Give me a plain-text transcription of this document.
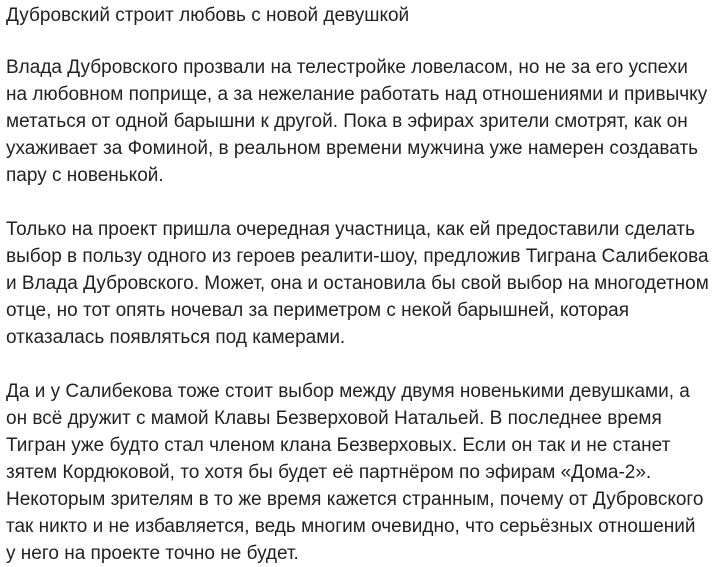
Дубровский строит любовь с новой девушкой

Влада Дубровского прозвали на телестройке ловеласом, но не за его успехи на любовном поприще, а за нежелание работать над отношениями и привычку метаться от одной барышни к другой. Пока в эфирах зрители смотрят, как он ухаживает за Фоминой, в реальном времени мужчина уже намерен создавать пару с новенькой.

Только на проект пришла очередная участница, как ей предоставили сделать выбор в пользу одного из героев реалити-шоу, предложив Тиграна Салибекова и Влада Дубровского. Может, она и остановила бы свой выбор на многодетном отце, но тот опять ночевал за периметром с некой барышней, которая отказалась появляться под камерами.

Да и у Салибекова тоже стоит выбор между двумя новенькими девушками, а он всё дружит с мамой Клавы Безверховой Натальей. В последнее время Тигран уже будто стал членом клана Безверховых. Если он так и не станет зятем Кордюковой, то хотя бы будет её партнёром по эфирам «Дома-2». Некоторым зрителям в то же время кажется странным, почему от Дубровского так никто и не избавляется, ведь многим очевидно, что серьёзных отношений у него на проекте точно не будет.
